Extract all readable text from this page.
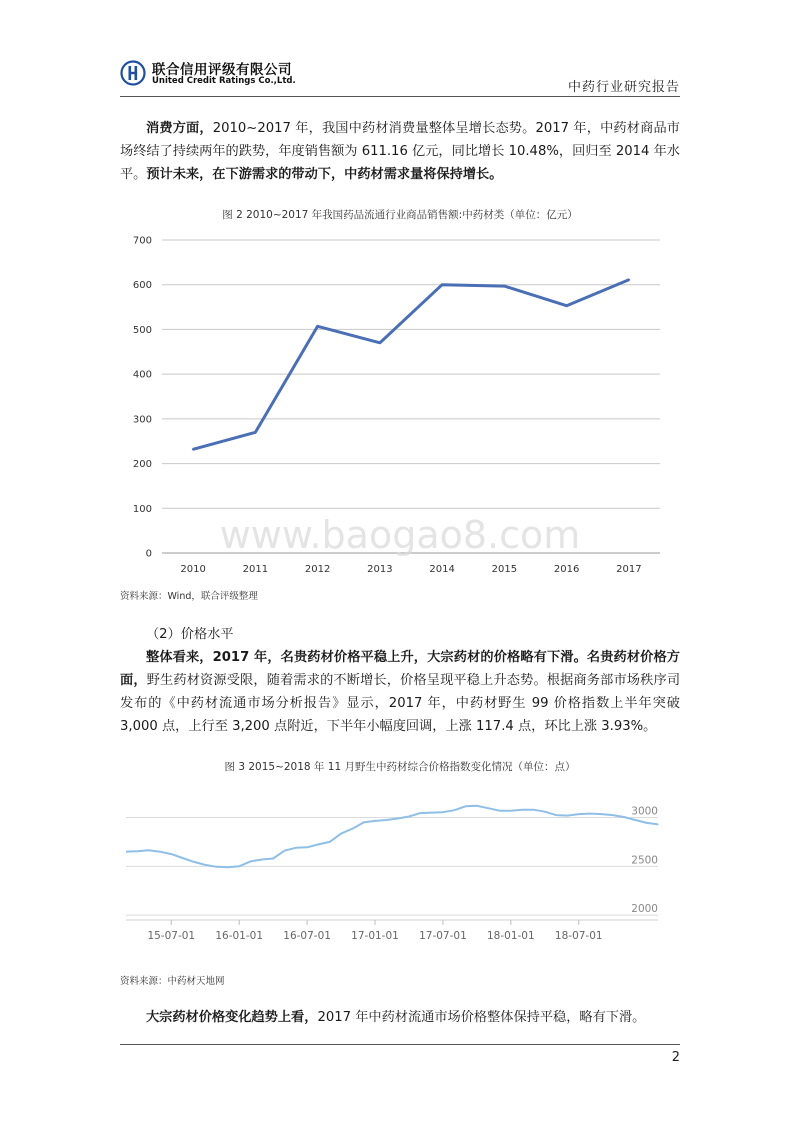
联合信用评级有限公司
United Credit Ratings Co.,Ltd.	中药行业研究报告
消费方面，2010~2017 年，我国中药材消费量整体呈增长态势。2017 年，中药材商品市场终结了持续两年的跌势，年度销售额为 611.16 亿元，同比增长 10.48%，回归至 2014 年水平。预计未来，在下游需求的带动下，中药材需求量将保持增长。
图 2 2010~2017 年我国药品流通行业商品销售额:中药材类（单位：亿元）
0
100
200
300
400
500
600
700
2010	2011	2012	2013	2014	2015	2016	2017
www.baogao8.com
资料来源：Wind，联合评级整理
（2）价格水平
整体看来，2017 年，名贵药材价格平稳上升，大宗药材的价格略有下滑。名贵药材价格方面，野生药材资源受限，随着需求的不断增长，价格呈现平稳上升态势。根据商务部市场秩序司发布的《中药材流通市场分析报告》显示，2017 年，中药材野生 99 价格指数上半年突破 3,000 点，上行至 3,200 点附近，下半年小幅度回调，上涨 117.4 点，环比上涨 3.93%。
图 3 2015~2018 年 11 月野生中药材综合价格指数变化情况（单位：点）
2000
2500
3000
15-07-01 16-01-01 16-07-01 17-01-01 17-07-01 18-01-01 18-07-01
资料来源：中药材天地网
大宗药材价格变化趋势上看，2017 年中药材流通市场价格整体保持平稳，略有下滑。
2
